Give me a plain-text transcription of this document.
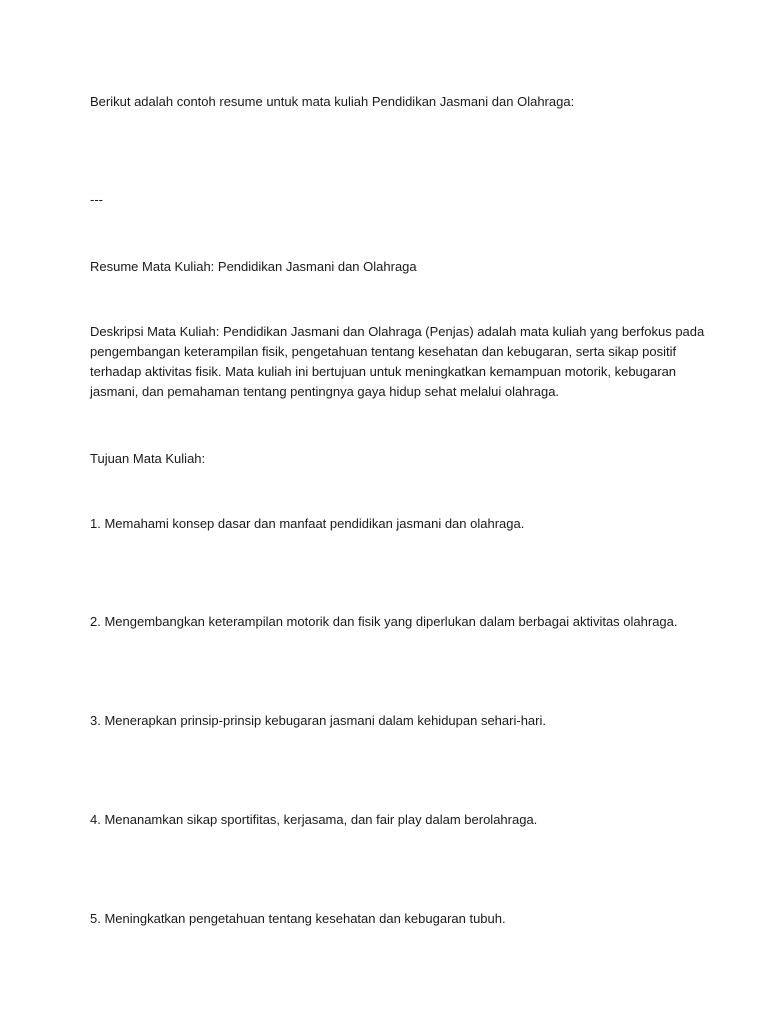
Berikut adalah contoh resume untuk mata kuliah Pendidikan Jasmani dan Olahraga:

---

Resume Mata Kuliah: Pendidikan Jasmani dan Olahraga

Deskripsi Mata Kuliah: Pendidikan Jasmani dan Olahraga (Penjas) adalah mata kuliah yang berfokus pada
pengembangan keterampilan fisik, pengetahuan tentang kesehatan dan kebugaran, serta sikap positif
terhadap aktivitas fisik. Mata kuliah ini bertujuan untuk meningkatkan kemampuan motorik, kebugaran
jasmani, dan pemahaman tentang pentingnya gaya hidup sehat melalui olahraga.

Tujuan Mata Kuliah:

1. Memahami konsep dasar dan manfaat pendidikan jasmani dan olahraga.

2. Mengembangkan keterampilan motorik dan fisik yang diperlukan dalam berbagai aktivitas olahraga.

3. Menerapkan prinsip-prinsip kebugaran jasmani dalam kehidupan sehari-hari.

4. Menanamkan sikap sportifitas, kerjasama, dan fair play dalam berolahraga.

5. Meningkatkan pengetahuan tentang kesehatan dan kebugaran tubuh.
